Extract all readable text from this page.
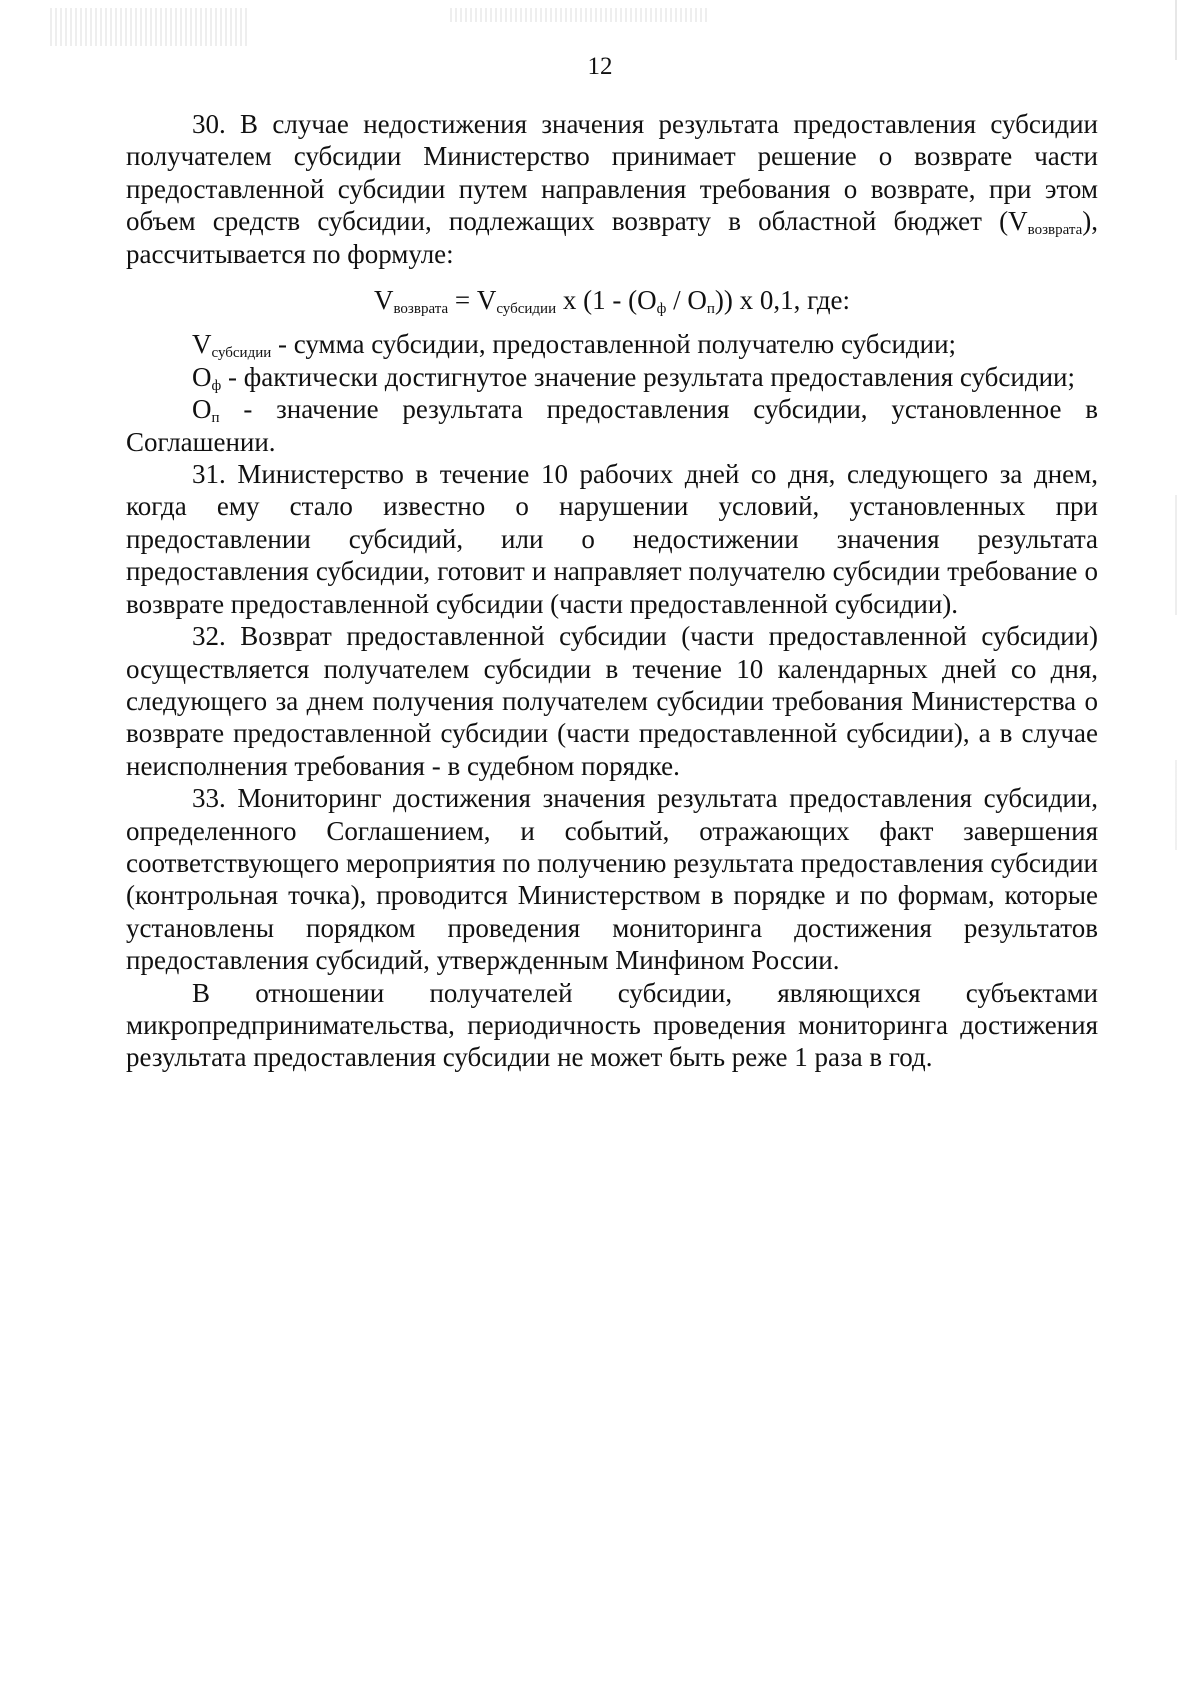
12

30. В случае недостижения значения результата предоставления субсидии получателем субсидии Министерство принимает решение о возврате части предоставленной субсидии путем направления требования о возврате, при этом объем средств субсидии, подлежащих возврату в областной бюджет $(V_{возврата})$, рассчитывается по формуле:

$V_{возврата} = V_{субсидии}$ x $(1 - (О_ф / О_п))$ x 0,1, где:

$V_{субсидии}$ - сумма субсидии, предоставленной получателю субсидии;

$О_ф$ - фактически достигнутое значение результата предоставления субсидии;

$О_п$ - значение результата предоставления субсидии, установленное в Соглашении.

31. Министерство в течение 10 рабочих дней со дня, следующего за днем, когда ему стало известно о нарушении условий, установленных при предоставлении субсидий, или о недостижении значения результата предоставления субсидии, готовит и направляет получателю субсидии требование о возврате предоставленной субсидии (части предоставленной субсидии).

32. Возврат предоставленной субсидии (части предоставленной субсидии) осуществляется получателем субсидии в течение 10 календарных дней со дня, следующего за днем получения получателем субсидии требования Министерства о возврате предоставленной субсидии (части предоставленной субсидии), а в случае неисполнения требования - в судебном порядке.

33. Мониторинг достижения значения результата предоставления субсидии, определенного Соглашением, и событий, отражающих факт завершения соответствующего мероприятия по получению результата предоставления субсидии (контрольная точка), проводится Министерством в порядке и по формам, которые установлены порядком проведения мониторинга достижения результатов предоставления субсидий, утвержденным Минфином России.

В отношении получателей субсидии, являющихся субъектами микропредпринимательства, периодичность проведения мониторинга достижения результата предоставления субсидии не может быть реже 1 раза в год.
